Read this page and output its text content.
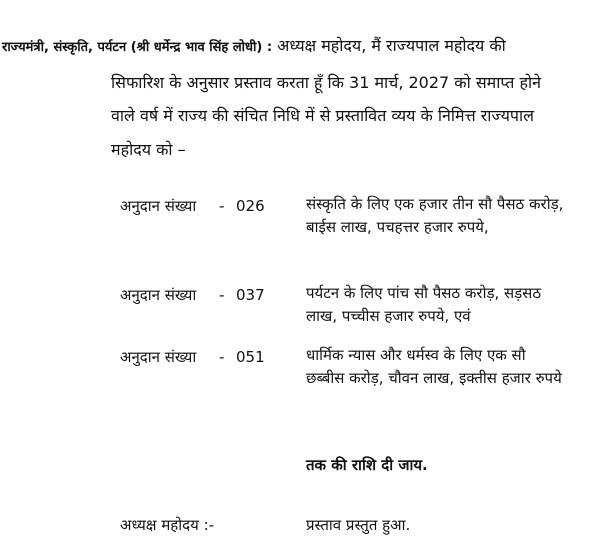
राज्यमंत्री, संस्कृति, पर्यटन (श्री धर्मेन्द्र भाव सिंह लोधी) : अध्यक्ष महोदय, मैं राज्यपाल महोदय की
सिफारिश के अनुसार प्रस्ताव करता हूँ कि 31 मार्च, 2027 को समाप्त होने
वाले वर्ष में राज्य की संचित निधि में से प्रस्तावित व्यय के निमित्त राज्यपाल
महोदय को –
अनुदान संख्या - 026	संस्कृति के लिए एक हजार तीन सौ पैसठ करोड़, बाईस लाख, पचहत्तर हजार रुपये,
अनुदान संख्या - 037	पर्यटन के लिए पांच सौ पैसठ करोड़, सड़सठ लाख, पच्चीस हजार रुपये, एवं
अनुदान संख्या - 051	धार्मिक न्यास और धर्मस्व के लिए एक सौ छब्बीस करोड़, चौवन लाख, इक्तीस हजार रुपये
तक की राशि दी जाय.
अध्यक्ष महोदय :-	प्रस्ताव प्रस्तुत हुआ.
